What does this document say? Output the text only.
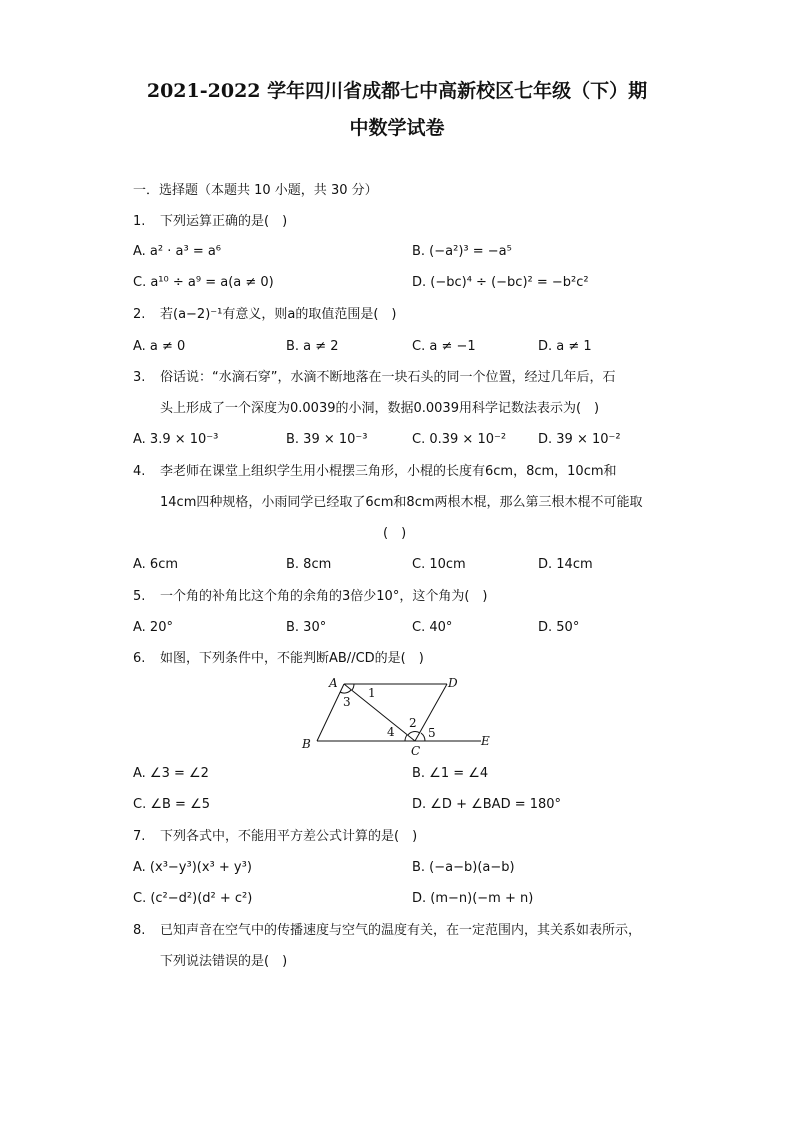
2021-2022 学年四川省成都七中高新校区七年级（下）期
中数学试卷
一．选择题（本题共 10 小题，共 30 分）
1. 下列运算正确的是(　)
A. a² · a³ = a⁶	B. (−a²)³ = −a⁵
C. a¹⁰ ÷ a⁹ = a(a ≠ 0)	D. (−bc)⁴ ÷ (−bc)² = −b²c²
2. 若(a−2)⁻¹有意义，则a的取值范围是(　)
A. a ≠ 0	B. a ≠ 2	C. a ≠ −1	D. a ≠ 1
3. 俗话说：“水滴石穿”，水滴不断地落在一块石头的同一个位置，经过几年后，石
头上形成了一个深度为0.0039的小洞，数据0.0039用科学记数法表示为(　)
A. 3.9 × 10⁻³	B. 39 × 10⁻³	C. 0.39 × 10⁻² D. 39 × 10⁻²
4. 李老师在课堂上组织学生用小棍摆三角形，小棍的长度有6cm，8cm，10cm和
14cm四种规格，小雨同学已经取了6cm和8cm两根木棍，那么第三根木棍不可能取
(　)
A. 6cm	B. 8cm	C. 10cm	D. 14cm
5. 一个角的补角比这个角的余角的3倍少10°，这个角为(　)
A. 20°	B. 30°	C. 40°	D. 50°
6. 如图，下列条件中，不能判断AB//CD的是(　)
A	D
B	C
E
1
3
2
4	5
A. ∠3 = ∠2	B. ∠1 = ∠4
C. ∠B = ∠5	D. ∠D + ∠BAD = 180°
7. 下列各式中，不能用平方差公式计算的是(　)
A. (x³−y³)(x³ + y³)	B. (−a−b)(a−b)
C. (c²−d²)(d² + c²)	D. (m−n)(−m + n)
8. 已知声音在空气中的传播速度与空气的温度有关，在一定范围内，其关系如表所示，
下列说法错误的是(　)
